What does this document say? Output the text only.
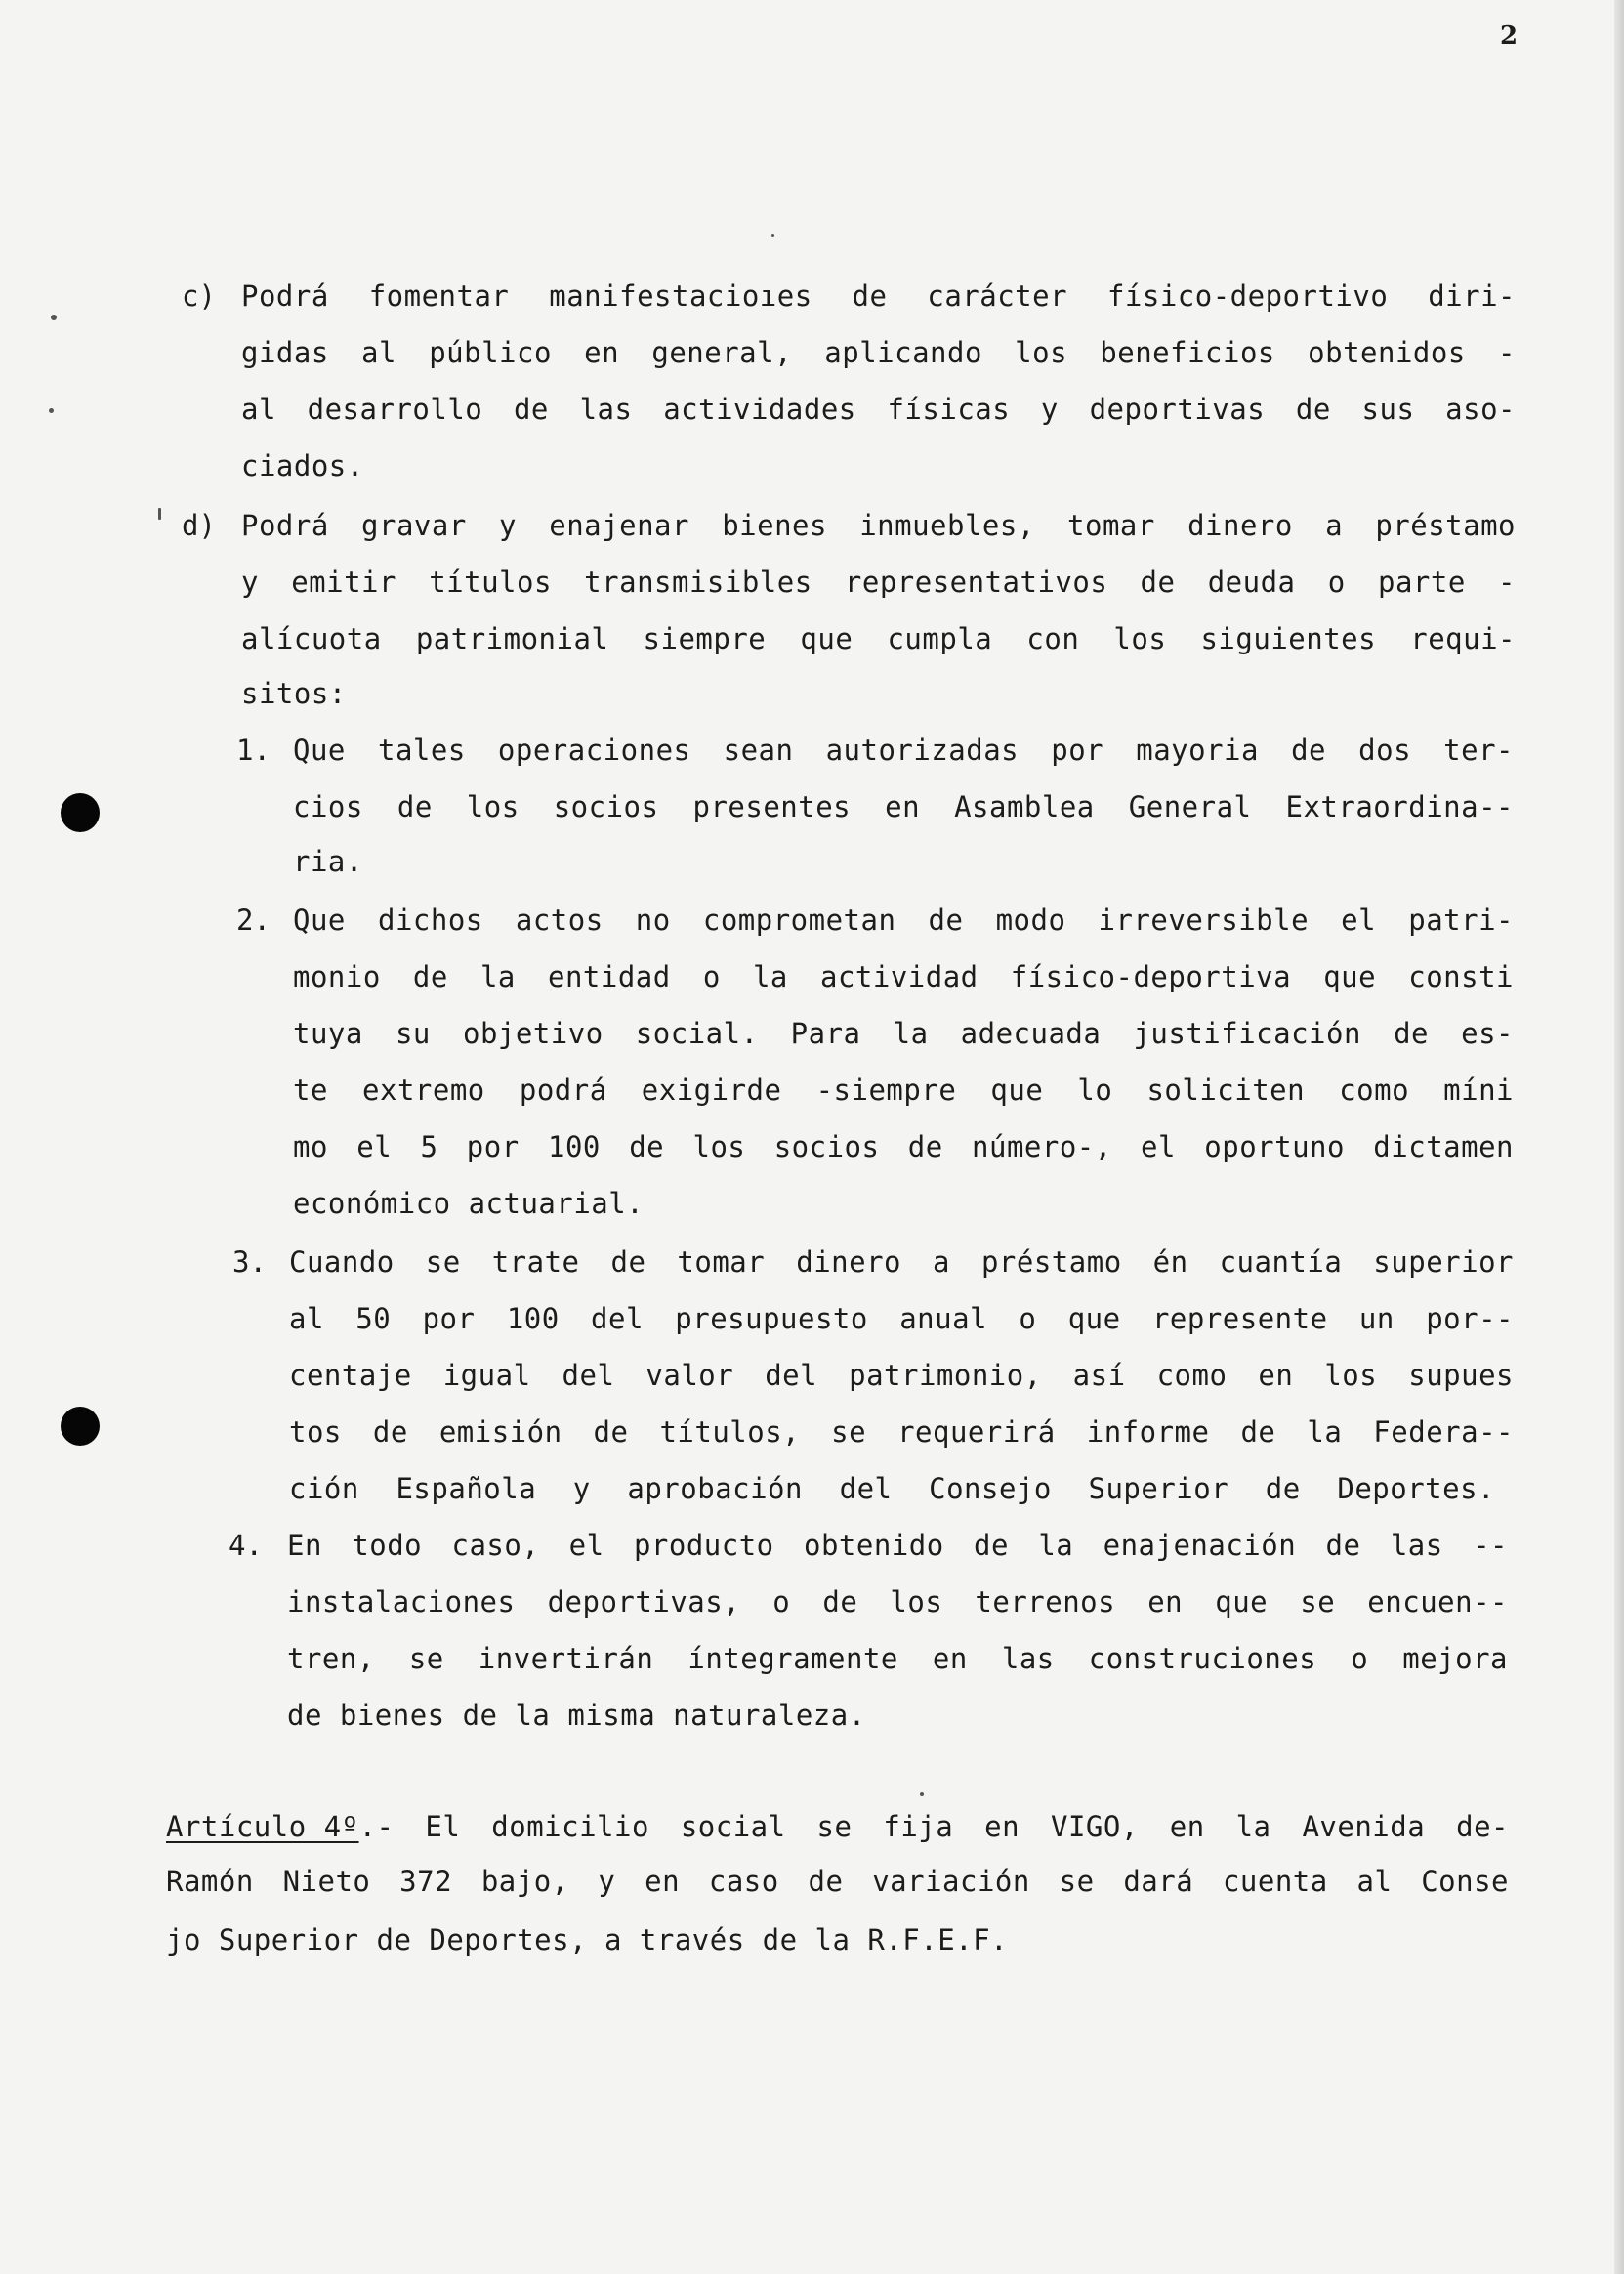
2
c) Podrá fomentar manifestacioıes de carácter físico-deportivo diri-
gidas al público en general, aplicando los beneficios obtenidos -
al desarrollo de las actividades físicas y deportivas de sus aso-
ciados.
d) Podrá gravar y enajenar bienes inmuebles, tomar dinero a préstamo
y emitir títulos transmisibles representativos de deuda o parte -
alícuota patrimonial siempre que cumpla con los siguientes requi-
sitos:
1. Que tales operaciones sean autorizadas por mayoria de dos ter-
cios de los socios presentes en Asamblea General Extraordina--
ria.
2. Que dichos actos no comprometan de modo irreversible el patri-
monio de la entidad o la actividad físico-deportiva que consti
tuya su objetivo social. Para la adecuada justificación de es-
te extremo podrá exigirde -siempre que lo soliciten como míni
mo el 5 por 100 de los socios de número-, el oportuno dictamen
económico actuarial.
3. Cuando se trate de tomar dinero a préstamo én cuantía superior
al 50 por 100 del presupuesto anual o que represente un por--
centaje igual del valor del patrimonio, así como en los supues
tos de emisión de títulos, se requerirá informe de la Federa--
ción Española y aprobación del Consejo Superior de Deportes.
4. En todo caso, el producto obtenido de la enajenación de las --
instalaciones deportivas, o de los terrenos en que se encuen--
tren, se invertirán íntegramente en las construciones o mejora
de bienes de la misma naturaleza.
Artículo 4º .- El domicilio social se fija en VIGO, en la Avenida de-
Ramón Nieto 372 bajo, y en caso de variación se dará cuenta al Conse
jo Superior de Deportes, a través de la R.F.E.F.
